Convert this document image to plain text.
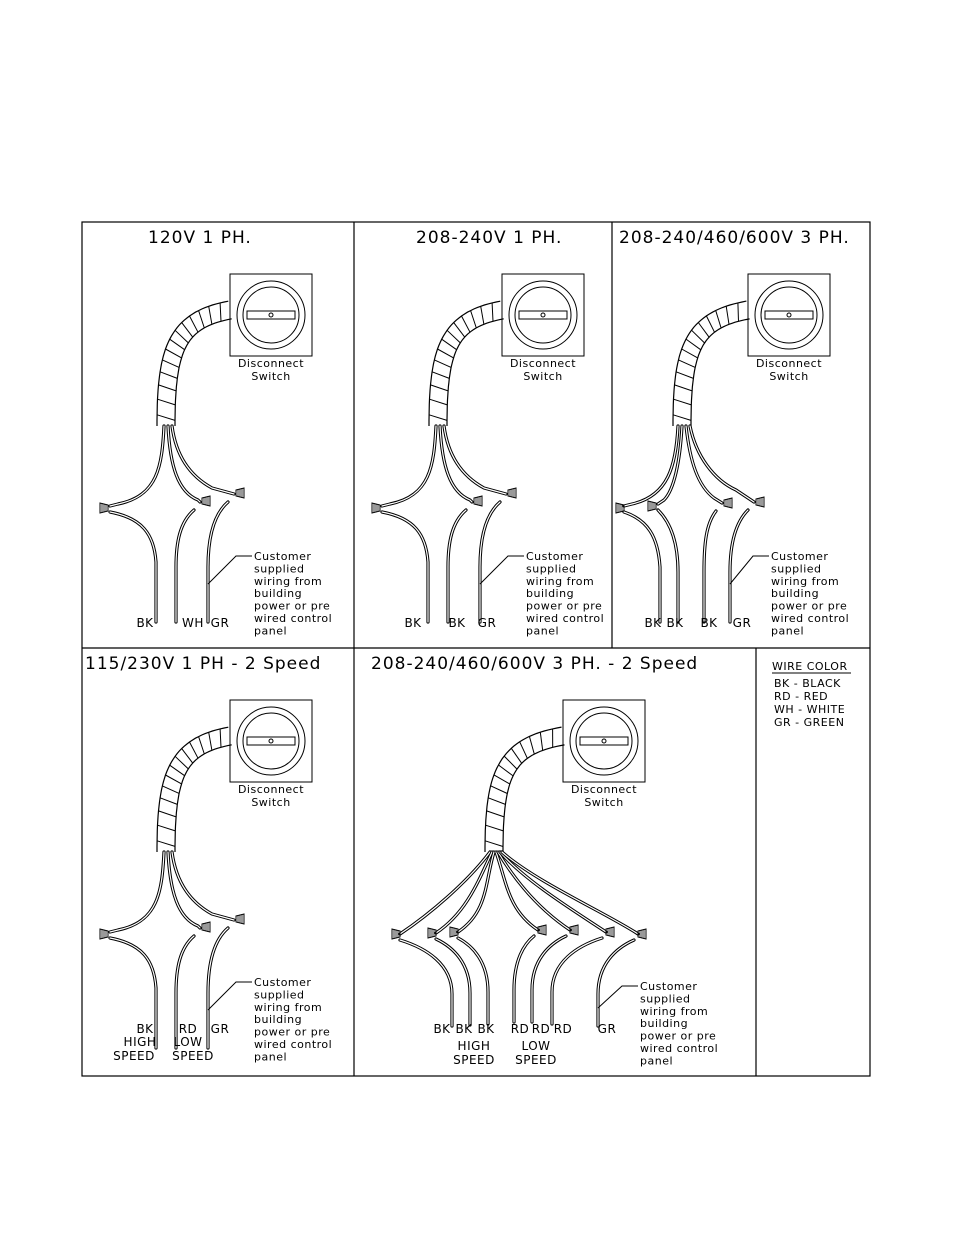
120V 1 PH.	208-240V 1 PH.	208-240/460/600V 3 PH.
115/230V 1 PH - 2 Speed	208-240/460/600V 3 PH. - 2 Speed	WIRE COLOR
BK - BLACK
RD - RED
WH - WHITE
GR - GREEN
Disconnect
Switch
Customer
supplied
wiring from
building
power or pre
wired control
panel
BK WH GR
Disconnect
Switch
Customer
supplied
wiring from
building
power or pre
wired control
panel
BK BK GR
Disconnect
Switch
Customer
supplied
wiring from
building
power or pre
wired control
panel
BK BK BK GR
Disconnect
Switch
Customer
supplied
wiring from
building
power or pre
wired control
panel
BK RD GR
HIGH
SPEED
LOW
SPEED
Disconnect
Switch
Customer
supplied
wiring from
building
power or pre
wired control
panel
BK BK BK RD RD RD GR
HIGH
SPEED
LOW
SPEED
